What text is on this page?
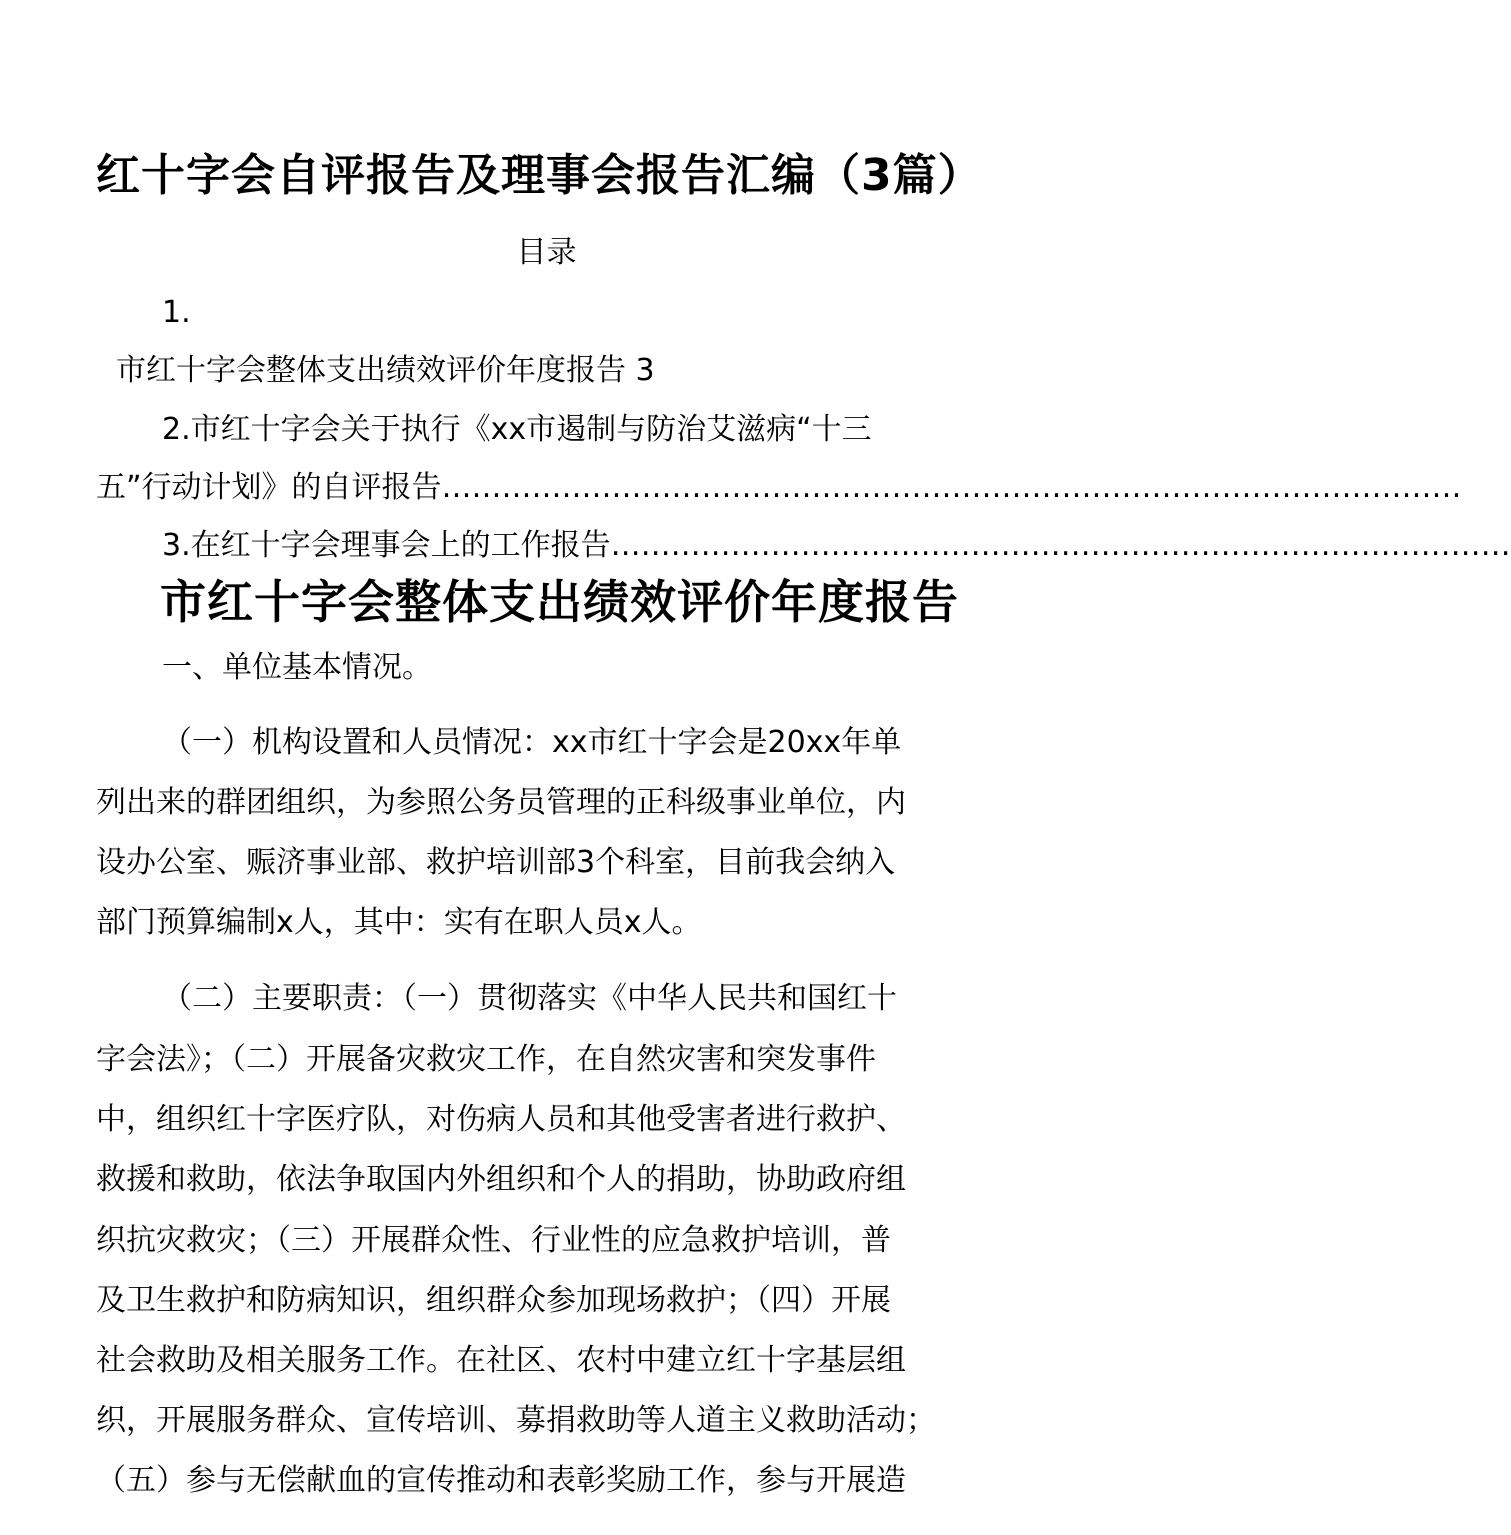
红十字会自评报告及理事会报告汇编（3篇）
目录
1.
市红十字会整体支出绩效评价年度报告 3
2.市红十字会关于执行《xx市遏制与防治艾滋病“十三
五”行动计划》的自评报告…………………………………………………………………………………………
3.在红十字会理事会上的工作报告………………………………………………………………………………
市红十字会整体支出绩效评价年度报告
一、单位基本情况。
（一）机构设置和人员情况：xx市红十字会是20xx年单
列出来的群团组织，为参照公务员管理的正科级事业单位，内
设办公室、赈济事业部、救护培训部3个科室，目前我会纳入
部门预算编制x人，其中：实有在职人员x人。
（二）主要职责：（一）贯彻落实《中华人民共和国红十
字会法》；（二）开展备灾救灾工作，在自然灾害和突发事件
中，组织红十字医疗队，对伤病人员和其他受害者进行救护、
救援和救助，依法争取国内外组织和个人的捐助，协助政府组
织抗灾救灾；（三）开展群众性、行业性的应急救护培训，普
及卫生救护和防病知识，组织群众参加现场救护；（四）开展
社会救助及相关服务工作。在社区、农村中建立红十字基层组
织，开展服务群众、宣传培训、募捐救助等人道主义救助活动；
（五）参与无偿献血的宣传推动和表彰奖励工作，参与开展造
